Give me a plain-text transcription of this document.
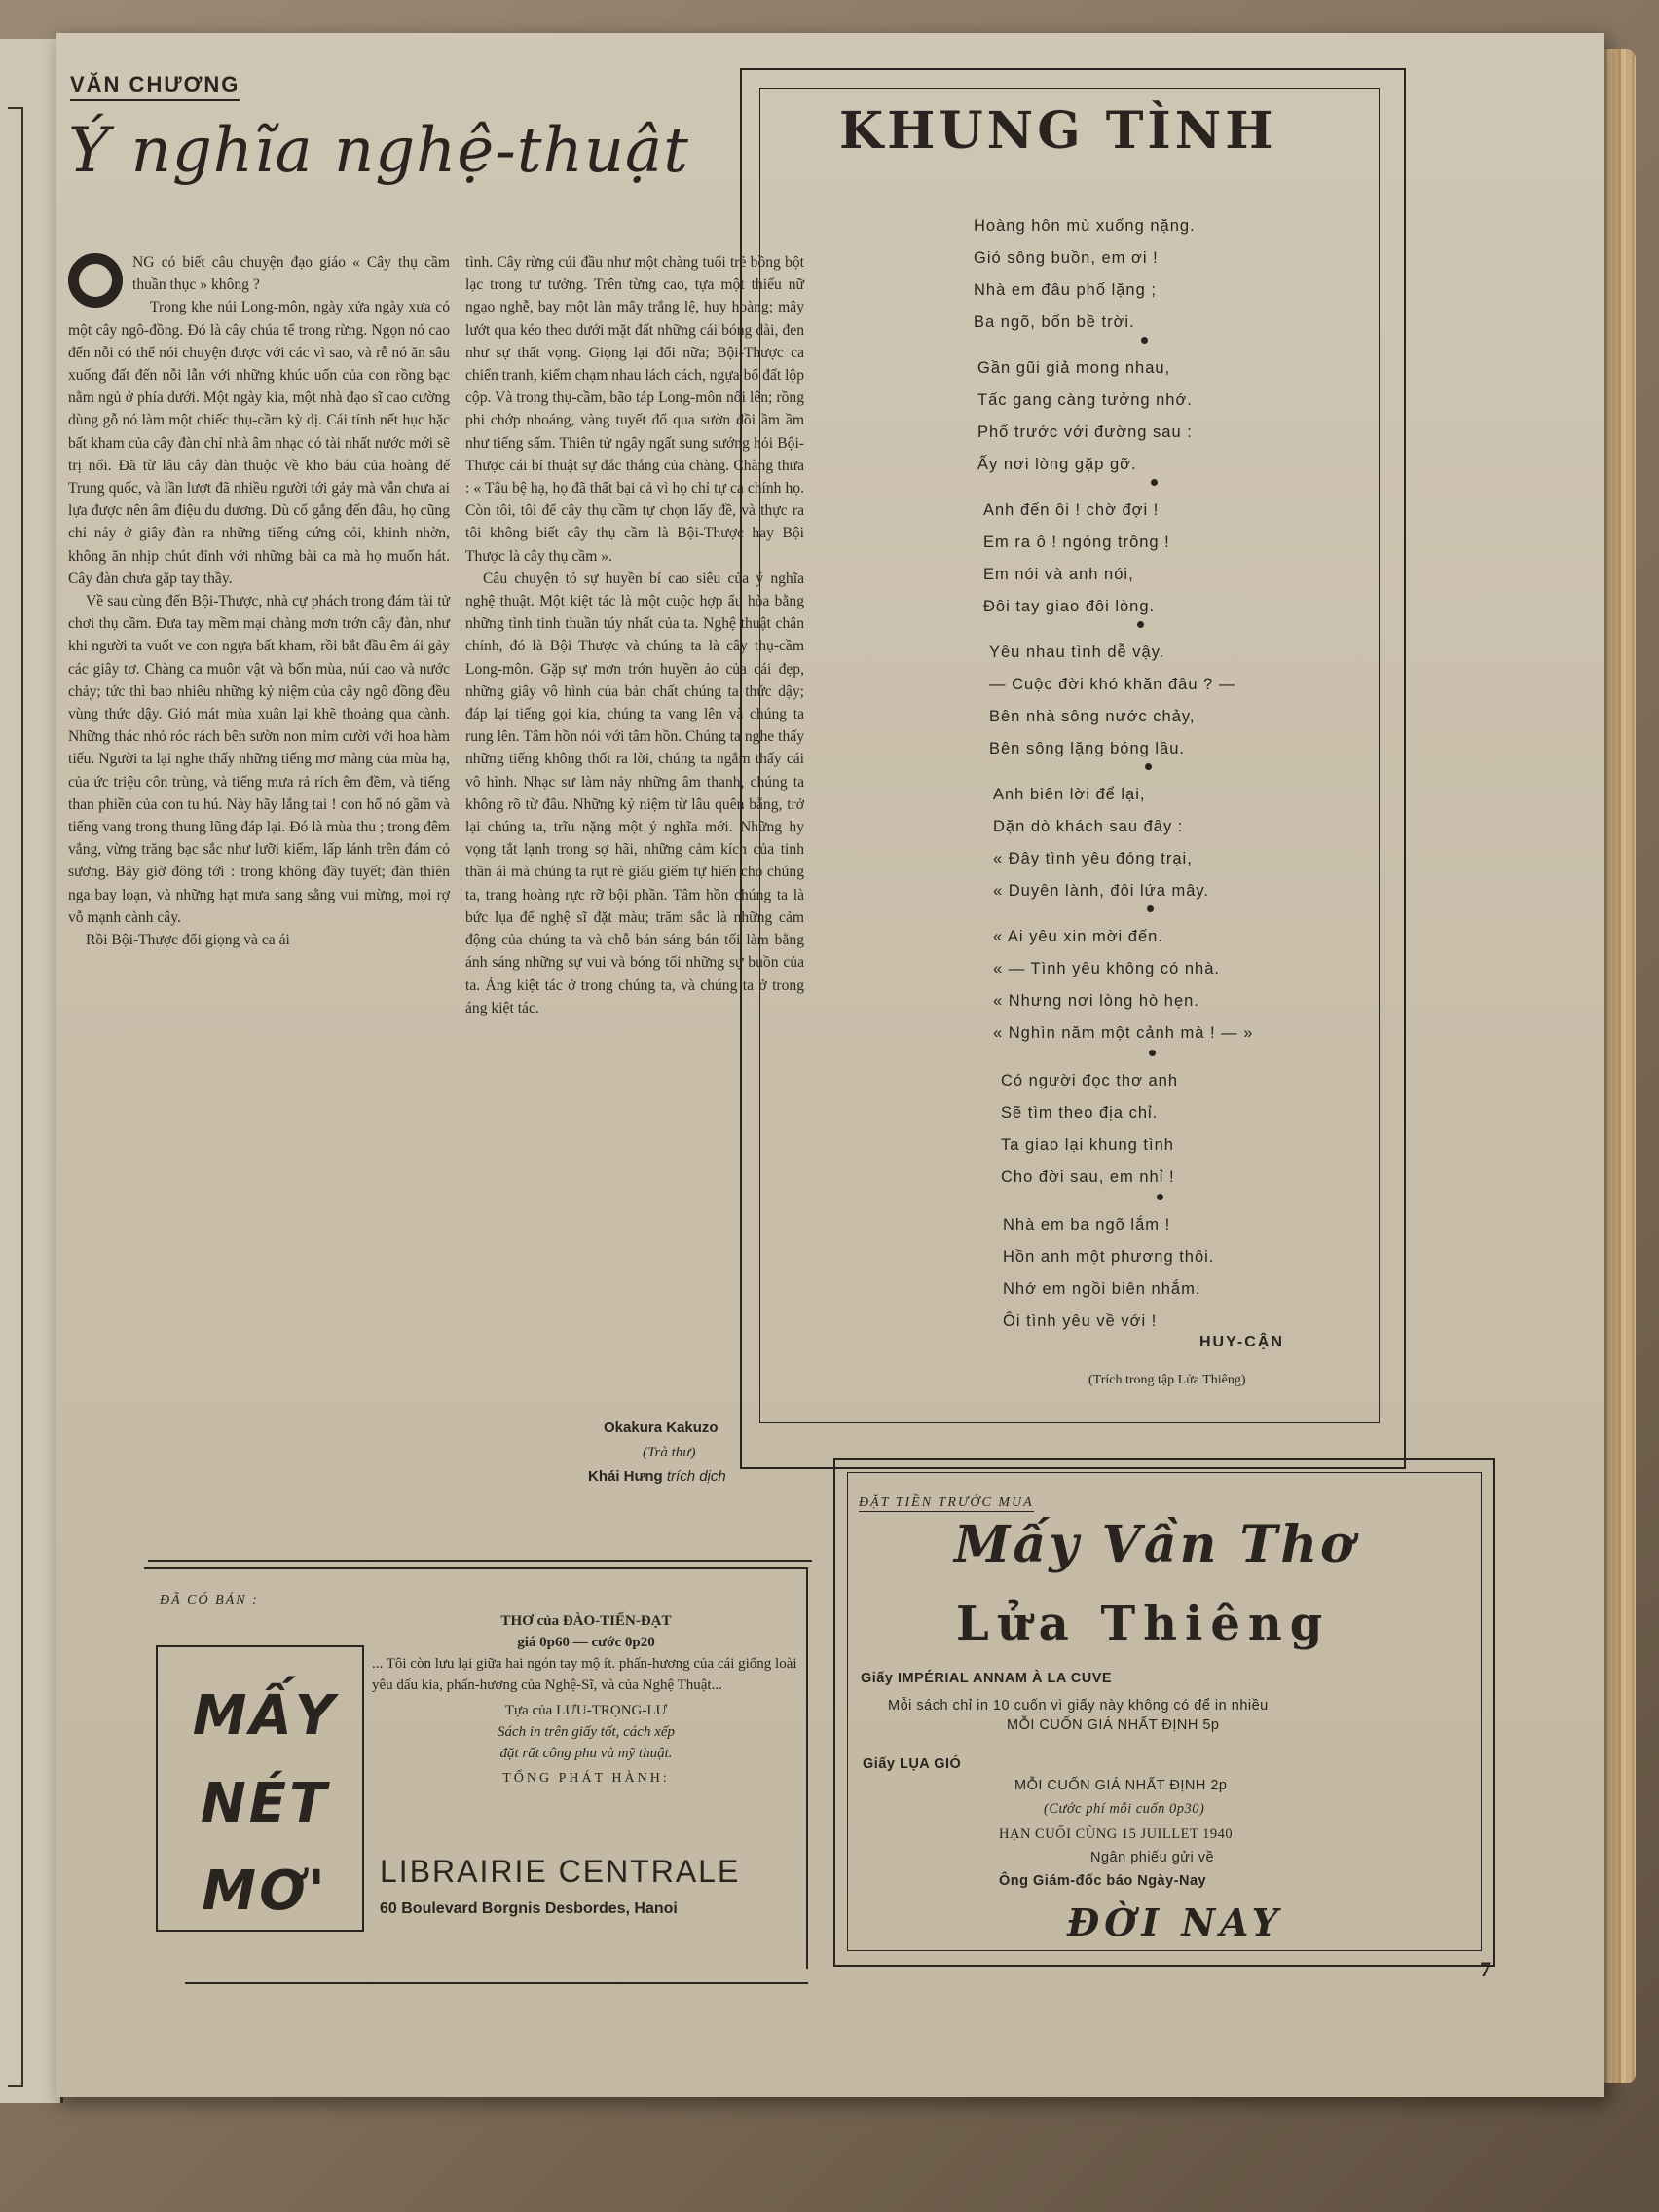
VĂN CHƯƠNG
Ý nghĩa nghệ-thuật

NG có biết câu chuyện đạo giáo « Cây thụ cầm thuần thục » không ?

Trong khe núi Long-môn, ngày xửa ngày xưa có một cây ngô-đồng. Đó là cây chúa tể trong rừng. Ngọn nó cao đến nỗi có thể nói chuyện được với các vì sao, và rễ nó ăn sâu xuống đất đến nỗi lẫn với những khúc uốn của con rồng bạc nằm ngủ ở phía dưới. Một ngày kia, một nhà đạo sĩ cao cường dùng gỗ nó làm một chiếc thụ-cầm kỳ dị. Cái tính nết hục hặc bất kham của cây đàn chỉ nhà âm nhạc có tài nhất nước mới sẽ trị nổi. Đã từ lâu cây đàn thuộc về kho báu của hoàng đế Trung quốc, và lần lượt đã nhiều người tới gảy mà vẫn chưa ai lựa được nên âm điệu du dương. Dù cố gắng đến đâu, họ cũng chỉ nảy ở giây đàn ra những tiếng cứng cỏi, khinh nhờn, không ăn nhịp chút đỉnh với những bài ca mà họ muốn hát. Cây đàn chưa gặp tay thầy.

Về sau cùng đến Bội-Thược, nhà cự phách trong đám tài tử chơi thụ cầm. Đưa tay mềm mại chàng mơn trớn cây đàn, như khi người ta vuốt ve con ngựa bất kham, rồi bắt đầu êm ái gảy các giây tơ. Chàng ca muôn vật và bốn mùa, núi cao và nước chảy; tức thì bao nhiêu những kỷ niệm của cây ngô đồng đều vùng thức dậy. Gió mát mùa xuân lại khẽ thoảng qua cành. Những thác nhỏ róc rách bên sườn non mỉm cười với hoa hàm tiếu. Người ta lại nghe thấy những tiếng mơ màng của mùa hạ, của ức triệu côn trùng, và tiếng mưa rả rích êm đềm, và tiếng than phiền của con tu hú. Này hãy lắng tai ! con hổ nó gầm và tiếng vang trong thung lũng đáp lại. Đó là mùa thu ; trong đêm vắng, vừng trăng bạc sắc như lưỡi kiếm, lấp lánh trên đám cỏ sương. Bây giờ đông tới : trong không đầy tuyết; đàn thiên nga bay loạn, và những hạt mưa sang sằng vui mừng, mọi rợ vỗ mạnh cành cây.

Rồi Bội-Thược đổi giọng và ca ái

tình. Cây rừng cúi đầu như một chàng tuổi trẻ bồng bột lạc trong tư tưởng. Trên từng cao, tựa một thiếu nữ ngạo nghễ, bay một làn mây trắng lệ, huy hoàng; mây lướt qua kéo theo dưới mặt đất những cái bóng dài, đen như sự thất vọng. Giọng lại đổi nữa; Bội-Thược ca chiến tranh, kiếm chạm nhau lách cách, ngựa bổ đất lộp cộp. Và trong thụ-cầm, bão táp Long-môn nổi lên; rồng phi chớp nhoáng, vàng tuyết đổ qua sườn đồi ầm ầm như tiếng sấm. Thiên tử ngây ngất sung sướng hỏi Bội-Thược cái bí thuật sự đắc thắng của chàng. Chàng thưa : « Tâu bệ hạ, họ đã thất bại cả vì họ chỉ tự ca chính họ. Còn tôi, tôi để cây thụ cầm tự chọn lấy đề, và thực ra tôi không biết cây thụ cầm là Bội-Thược hay Bội Thược là cây thụ cầm ».

Câu chuyện tỏ sự huyền bí cao siêu của ý nghĩa nghệ thuật. Một kiệt tác là một cuộc hợp ẩu hòa bằng những tình tinh thuần túy nhất của ta. Nghệ thuật chân chính, đó là Bội Thược và chúng ta là cây thụ-cầm Long-môn. Gặp sự mơn trớn huyền ảo của cái đẹp, những giây vô hình của bản chất chúng ta thức dậy; đáp lại tiếng gọi kia, chúng ta vang lên và chúng ta rung lên. Tâm hồn nói với tâm hồn. Chúng ta nghe thấy những tiếng không thốt ra lời, chúng ta ngắm thấy cái vô hình. Nhạc sư làm nảy những âm thanh, chúng ta không rõ từ đâu. Những kỷ niệm từ lâu quên bẵng, trở lại chúng ta, trĩu nặng một ý nghĩa mới. Những hy vọng tắt lạnh trong sợ hãi, những cảm kích của tinh thần ái mà chúng ta rụt rè giấu giếm tự hiến cho chúng ta, trang hoàng rực rỡ bội phần. Tâm hồn chúng ta là bức lụa để nghệ sĩ đặt màu; trăm sắc là những cảm động của chúng ta và chỗ bán sáng bán tối làm bằng ánh sáng những sự vui và bóng tối những sự buồn của ta. Ảng kiệt tác ở trong chúng ta, và chúng ta ở trong áng kiệt tác.

Okakura Kakuzo
(Trà thư)
Khái Hưng trích dịch
KHUNG TÌNH
Hoàng hôn mù xuống nặng.
Gió sông buồn, em ơi !
Nhà em đâu phố lặng ;
Ba ngõ, bốn bề trời.
Gần gũi giả mong nhau,
Tấc gang càng tưởng nhớ.
Phố trước với đường sau :
Ấy nơi lòng gặp gỡ.
Anh đến ôi ! chờ đợi !
Em ra ô ! ngóng trông !
Em nói và anh nói,
Đôi tay giao đôi lòng.
Yêu nhau tình dễ vậy.
— Cuộc đời khó khăn đâu ? —
Bên nhà sông nước chảy,
Bên sông lặng bóng lầu.
Anh biên lời để lại,
Dặn dò khách sau đây :
« Đây tình yêu đóng trại,
« Duyên lành, đôi lứa mây.
« Ai yêu xin mời đến.
« — Tình yêu không có nhà.
« Nhưng nơi lòng hò hẹn.
« Nghìn năm một cảnh mà ! — »
Có người đọc thơ anh
Sẽ tìm theo địa chỉ.
Ta giao lại khung tình
Cho đời sau, em nhỉ !
Nhà em ba ngõ lắm !
Hồn anh một phương thôi.
Nhớ em ngồi biên nhắm.
Ôi tình yêu về với !
HUY-CẬN
(Trích trong tập Lửa Thiêng)
ĐÃ CÓ BÁN :
MẤY
NÉT
MƠ'
THƠ của ĐÀO-TIẾN-ĐẠT
giá 0p60 — cước 0p20
... Tôi còn lưu lại giữa hai ngón tay mộ ít. phấn-hương của cái giống loài yêu dấu kia, phấn-hương của Nghệ-Sĩ, và của Nghệ Thuật...
Tựa của LƯU-TRỌNG-LƯ
Sách in trên giấy tốt, cách xếp
đặt rất công phu và mỹ thuật.
TỔNG PHÁT HÀNH:
LIBRAIRIE CENTRALE
60 Boulevard Borgnis Desbordes, Hanoi
ĐẶT TIỀN TRƯỚC MUA
Mấy Vần Thơ
Lửa Thiêng
Giấy IMPÉRIAL ANNAM À LA CUVE
Mỗi sách chỉ in 10 cuốn vì giấy này không có để in nhiều
MỖI CUỐN GIÁ NHẤT ĐỊNH 5p
Giấy LỤA GIÓ
MỖI CUỐN GIÁ NHẤT ĐỊNH 2p
(Cước phí mỗi cuốn 0p30)
HẠN CUỐI CÙNG 15 JUILLET 1940
Ngân phiếu gửi về
Ông Giám-đốc báo Ngày-Nay
ĐỜI NAY
7
